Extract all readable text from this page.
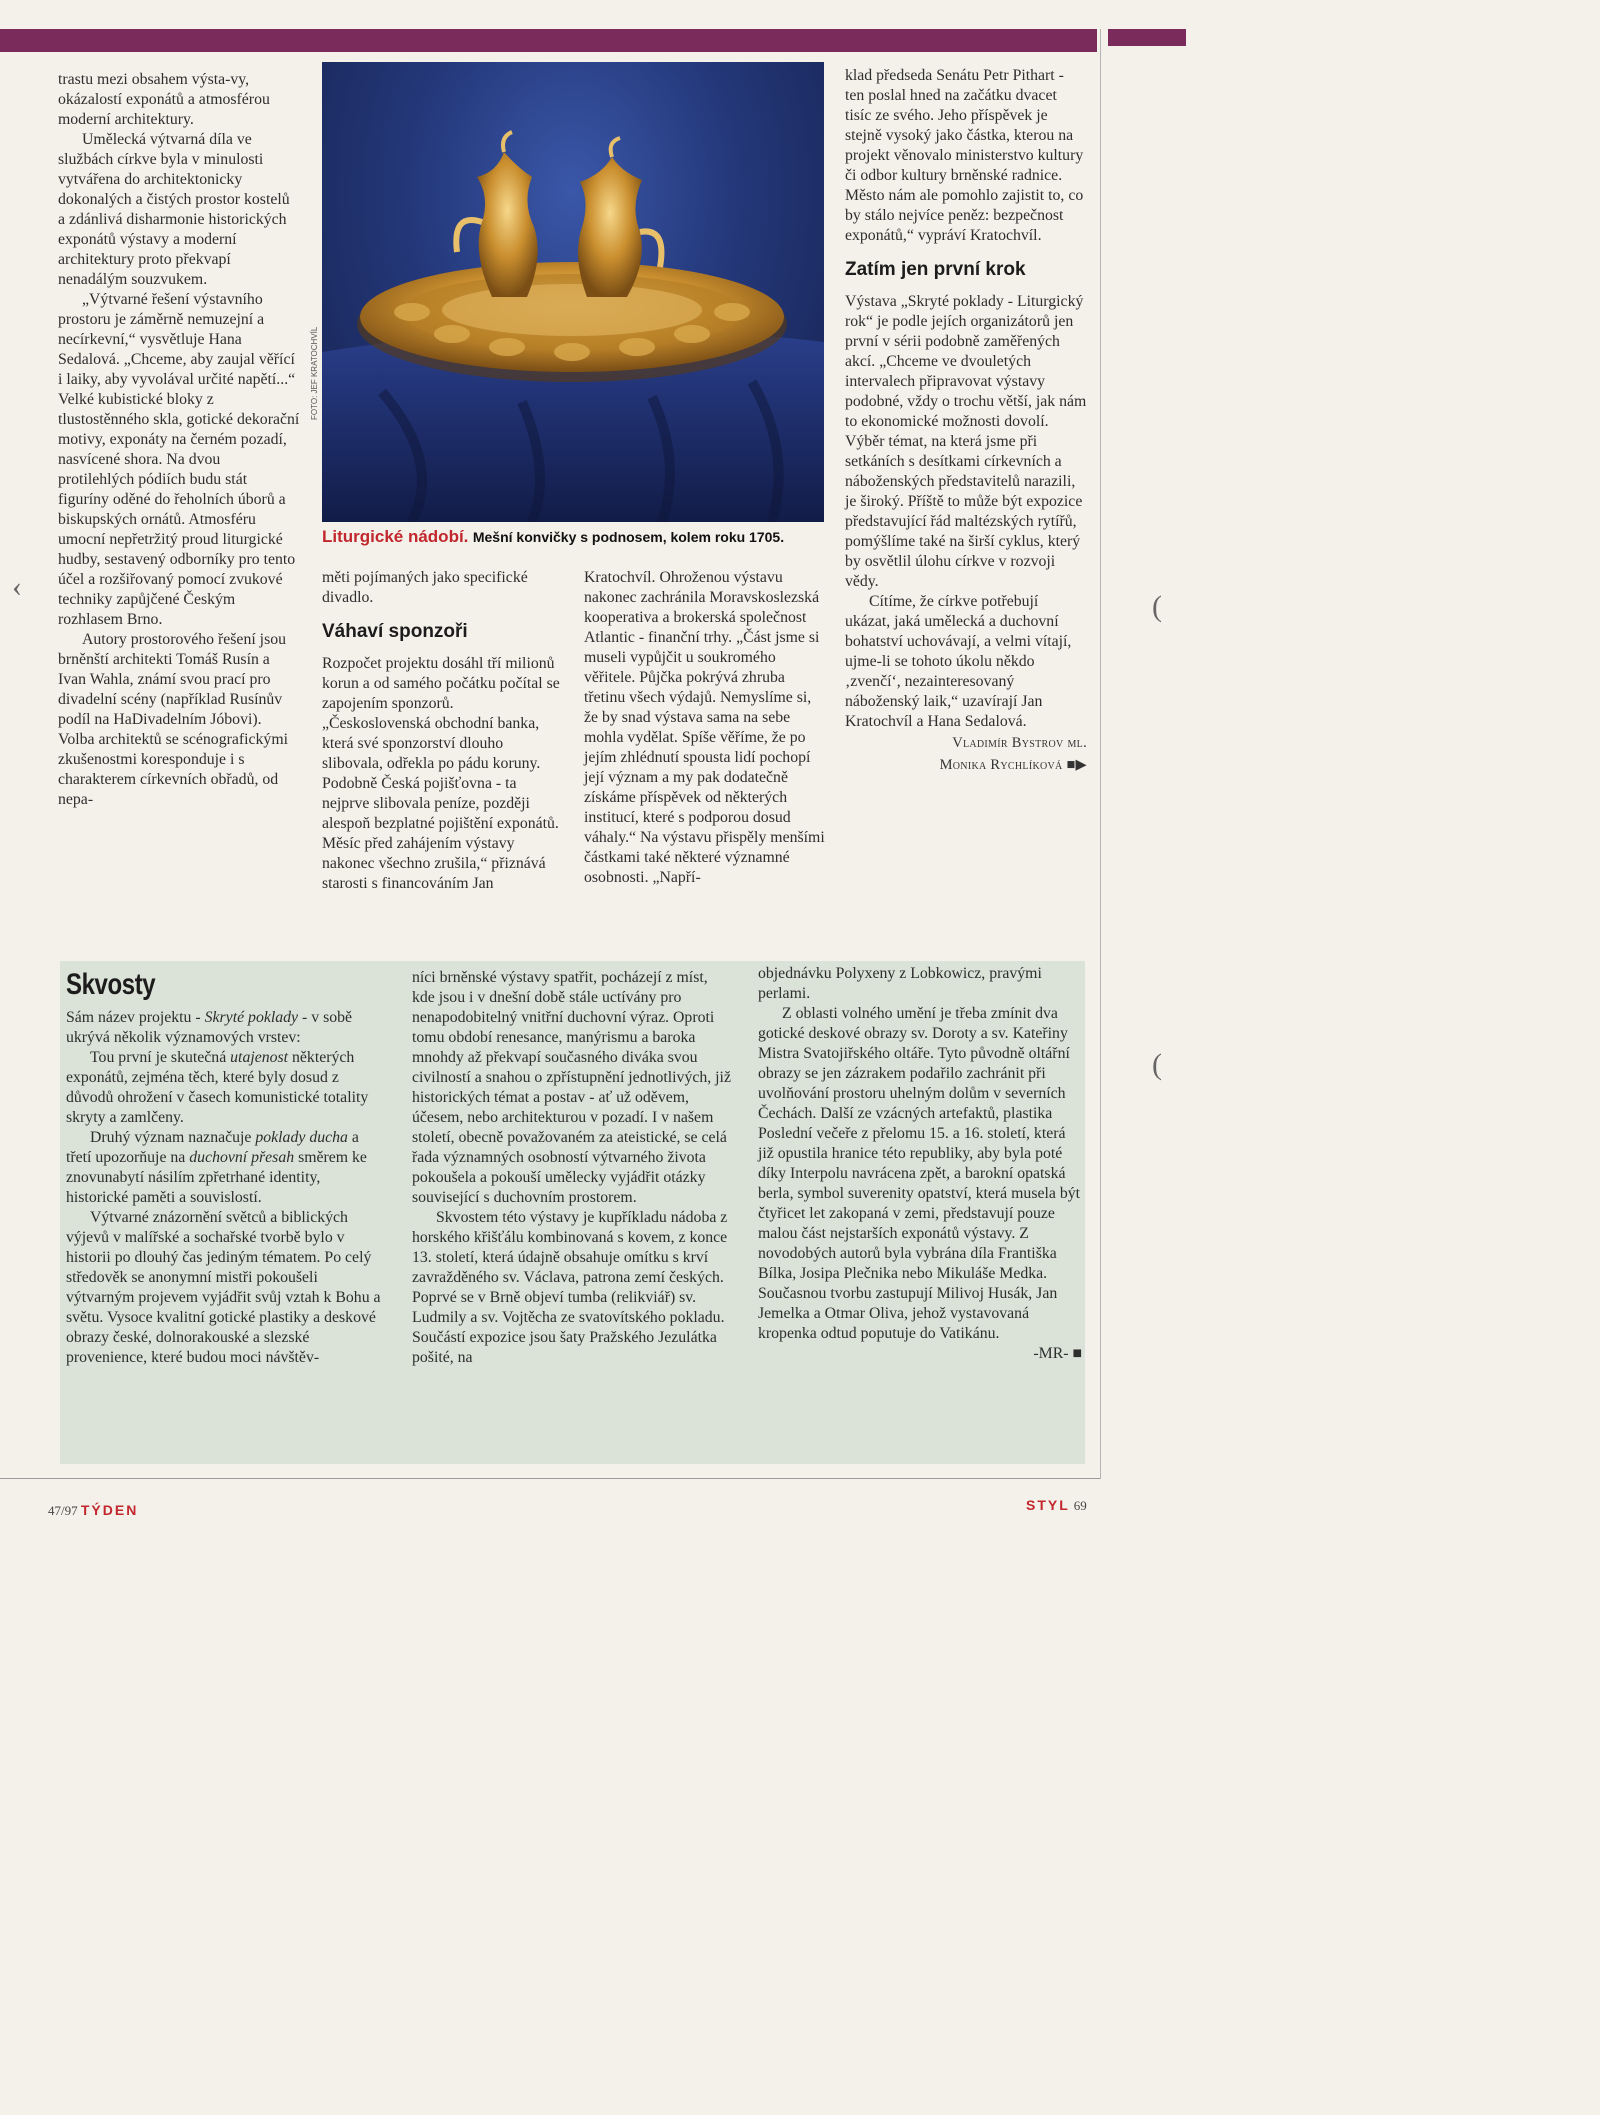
trastu mezi obsahem výsta-vy, okázalostí exponátů a atmosférou moderní architektury.

Umělecká výtvarná díla ve službách církve byla v minulosti vytvářena do architektonicky dokonalých a čistých prostor kostelů a zdánlivá disharmonie historických exponátů výstavy a moderní architektury proto překvapí nenadálým souzvukem.

„Výtvarné řešení výstavního prostoru je záměrně nemuzejní a necírkevní,“ vysvětluje Hana Sedalová. „Chceme, aby zaujal věřící i laiky, aby vyvolával určité napětí...“ Velké kubistické bloky z tlustostěnného skla, gotické dekorační motivy, exponáty na černém pozadí, nasvícené shora. Na dvou protilehlých pódiích budu stát figuríny oděné do řeholních úborů a biskupských ornátů. Atmosféru umocní nepřetržitý proud liturgické hudby, sestavený odborníky pro tento účel a rozšiřovaný pomocí zvukové techniky zapůjčené Českým rozhlasem Brno.

Autory prostorového řešení jsou brněnští architekti Tomáš Rusín a Ivan Wahla, známí svou prací pro divadelní scény (například Rusínův podíl na HaDivadelním Jóbovi). Volba architektů se scénografickými zkušenostmi koresponduje i s charakterem církevních obřadů, od nepa-

FOTO: JEF KRATOCHVÍL
Liturgické nádobí. Mešní konvičky s podnosem, kolem roku 1705.

měti pojímaných jako specifické divadlo.

Váhaví sponzoři

Rozpočet projektu dosáhl tří milionů korun a od samého počátku počítal se zapojením sponzorů. „Československá obchodní banka, která své sponzorství dlouho slibovala, odřekla po pádu koruny. Podobně Česká pojišťovna - ta nejprve slibovala peníze, později alespoň bezplatné pojištění exponátů. Měsíc před zahájením výstavy nakonec všechno zrušila,“ přiznává starosti s financováním Jan

Kratochvíl. Ohroženou výstavu nakonec zachránila Moravskoslezská kooperativa a brokerská společnost Atlantic - finanční trhy. „Část jsme si museli vypůjčit u soukromého věřitele. Půjčka pokrývá zhruba třetinu všech výdajů. Nemyslíme si, že by snad výstava sama na sebe mohla vydělat. Spíše věříme, že po jejím zhlédnutí spousta lidí pochopí její význam a my pak dodatečně získáme příspěvek od některých institucí, které s podporou dosud váhaly.“ Na výstavu přispěly menšími částkami také některé významné osobnosti. „Napří-

klad předseda Senátu Petr Pithart - ten poslal hned na začátku dvacet tisíc ze svého. Jeho příspěvek je stejně vysoký jako částka, kterou na projekt věnovalo ministerstvo kultury či odbor kultury brněnské radnice. Město nám ale pomohlo zajistit to, co by stálo nejvíce peněz: bezpečnost exponátů,“ vypráví Kratochvíl.

Zatím jen první krok

Výstava „Skryté poklady - Liturgický rok“ je podle jejích organizátorů jen první v sérii podobně zaměřených akcí. „Chceme ve dvouletých intervalech připravovat výstavy podobné, vždy o trochu větší, jak nám to ekonomické možnosti dovolí. Výběr témat, na která jsme při setkáních s desítkami církevních a náboženských představitelů narazili, je široký. Příště to může být expozice představující řád maltézských rytířů, pomýšlíme také na širší cyklus, který by osvětlil úlohu církve v rozvoji vědy.

Cítíme, že církve potřebují ukázat, jaká umělecká a duchovní bohatství uchovávají, a velmi vítají, ujme-li se tohoto úkolu někdo ‚zvenčí‘, nezainteresovaný náboženský laik,“ uzavírají Jan Kratochvíl a Hana Sedalová.

Vladimír Bystrov ml.
Monika Rychlíková ■▶
Skvosty

Sám název projektu - Skryté poklady - v sobě ukrývá několik významových vrstev:

Tou první je skutečná utajenost některých exponátů, zejména těch, které byly dosud z důvodů ohrožení v časech komunistické totality skryty a zamlčeny.

Druhý význam naznačuje poklady ducha a třetí upozorňuje na duchovní přesah směrem ke znovunabytí násilím zpřetrhané identity, historické paměti a souvislostí.

Výtvarné znázornění světců a biblických výjevů v malířské a sochařské tvorbě bylo v historii po dlouhý čas jediným tématem. Po celý středověk se anonymní mistři pokoušeli výtvarným projevem vyjádřit svůj vztah k Bohu a světu. Vysoce kvalitní gotické plastiky a deskové obrazy české, dolnorakouské a slezské provenience, které budou moci návštěv-

níci brněnské výstavy spatřit, pocházejí z míst, kde jsou i v dnešní době stále uctívány pro nenapodobitelný vnitřní duchovní výraz. Oproti tomu období renesance, manýrismu a baroka mnohdy až překvapí současného diváka svou civilností a snahou o zpřístupnění jednotlivých, již historických témat a postav - ať už oděvem, účesem, nebo architekturou v pozadí. I v našem století, obecně považovaném za ateistické, se celá řada významných osobností výtvarného života pokoušela a pokouší umělecky vyjádřit otázky související s duchovním prostorem.

Skvostem této výstavy je kupříkladu nádoba z horského křišťálu kombinovaná s kovem, z konce 13. století, která údajně obsahuje omítku s krví zavražděného sv. Václava, patrona zemí českých. Poprvé se v Brně objeví tumba (relikviář) sv. Ludmily a sv. Vojtěcha ze svatovítského pokladu. Součástí expozice jsou šaty Pražského Jezulátka pošité, na

objednávku Polyxeny z Lobkowicz, pravými perlami.

Z oblasti volného umění je třeba zmínit dva gotické deskové obrazy sv. Doroty a sv. Kateřiny Mistra Svatojiřského oltáře. Tyto původně oltářní obrazy se jen zázrakem podařilo zachránit při uvolňování prostoru uhelným dolům v severních Čechách. Další ze vzácných artefaktů, plastika Poslední večeře z přelomu 15. a 16. století, která již opustila hranice této republiky, aby byla poté díky Interpolu navrácena zpět, a barokní opatská berla, symbol suverenity opatství, která musela být čtyřicet let zakopaná v zemi, představují pouze malou část nejstarších exponátů výstavy. Z novodobých autorů byla vybrána díla Františka Bílka, Josipa Plečnika nebo Mikuláše Medka. Současnou tvorbu zastupují Milivoj Husák, Jan Jemelka a Otmar Oliva, jehož vystavovaná kropenka odtud poputuje do Vatikánu.

-MR- ■
47/97 TÝDEN	STYL 69
‹
(
(
